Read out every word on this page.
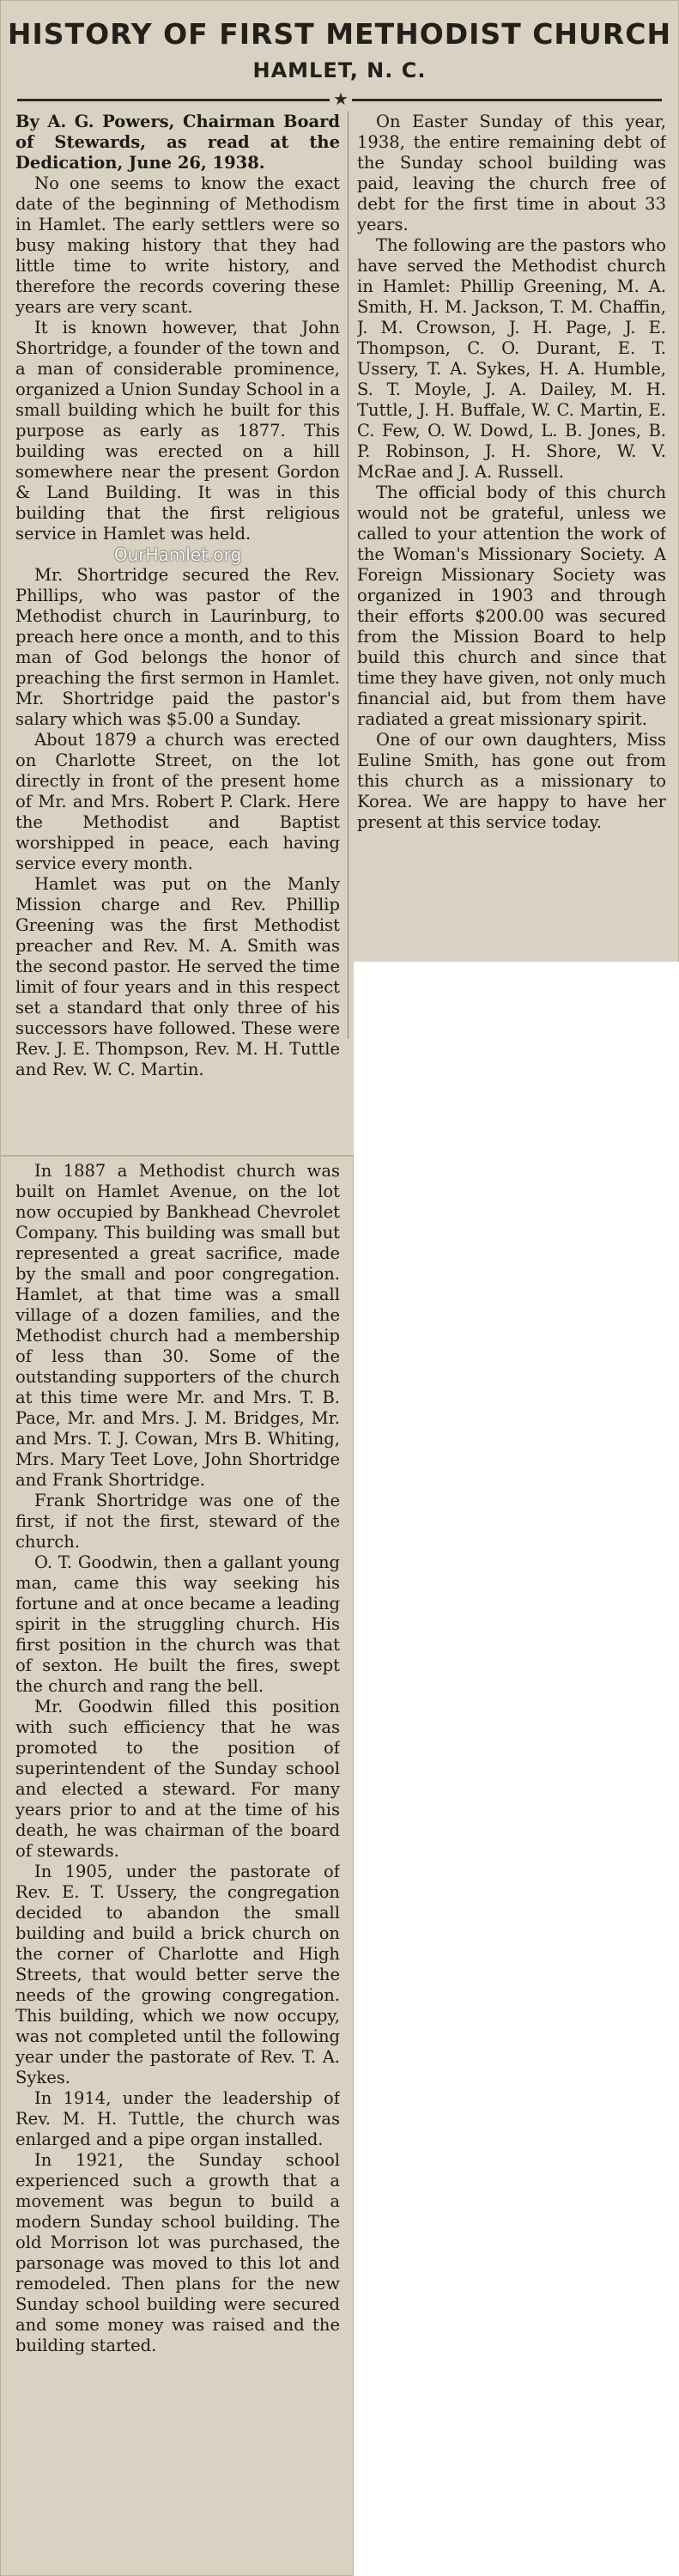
HISTORY OF FIRST METHODIST CHURCH
HAMLET, N. C.
★

By A. G. Powers, Chairman Board of Stewards, as read at the Dedication, June 26, 1938.

No one seems to know the exact date of the beginning of Methodism in Hamlet. The early settlers were so busy making history that they had little time to write history, and therefore the records covering these years are very scant.

It is known however, that John Shortridge, a founder of the town and a man of considerable prominence, organized a Union Sunday School in a small building which he built for this purpose as early as 1877. This building was erected on a hill somewhere near the present Gordon & Land Building. It was in this building that the first religious service in Hamlet was held.

OurHamlet.org

Mr. Shortridge secured the Rev. Phillips, who was pastor of the Methodist church in Laurinburg, to preach here once a month, and to this man of God belongs the honor of preaching the first sermon in Hamlet. Mr. Shortridge paid the pastor's salary which was $5.00 a Sunday.

About 1879 a church was erected on Charlotte Street, on the lot directly in front of the present home of Mr. and Mrs. Robert P. Clark. Here the Methodist and Baptist worshipped in peace, each having service every month.

Hamlet was put on the Manly Mission charge and Rev. Phillip Greening was the first Methodist preacher and Rev. M. A. Smith was the second pastor. He served the time limit of four years and in this respect set a standard that only three of his successors have followed. These were Rev. J. E. Thompson, Rev. M. H. Tuttle and Rev. W. C. Martin.

On Easter Sunday of this year, 1938, the entire remaining debt of the Sunday school building was paid, leaving the church free of debt for the first time in about 33 years.

The following are the pastors who have served the Methodist church in Hamlet: Phillip Greening, M. A. Smith, H. M. Jackson, T. M. Chaffin, J. M. Crowson, J. H. Page, J. E. Thompson, C. O. Durant, E. T. Ussery, T. A. Sykes, H. A. Humble, S. T. Moyle, J. A. Dailey, M. H. Tuttle, J. H. Buffale, W. C. Martin, E. C. Few, O. W. Dowd, L. B. Jones, B. P. Robinson, J. H. Shore, W. V. McRae and J. A. Russell.

The official body of this church would not be grateful, unless we called to your attention the work of the Woman's Missionary Society. A Foreign Missionary Society was organized in 1903 and through their efforts $200.00 was secured from the Mission Board to help build this church and since that time they have given, not only much financial aid, but from them have radiated a great missionary spirit.

One of our own daughters, Miss Euline Smith, has gone out from this church as a missionary to Korea. We are happy to have her present at this service today.

In 1887 a Methodist church was built on Hamlet Avenue, on the lot now occupied by Bankhead Chevrolet Company. This building was small but represented a great sacrifice, made by the small and poor congregation. Hamlet, at that time was a small village of a dozen families, and the Methodist church had a membership of less than 30. Some of the outstanding supporters of the church at this time were Mr. and Mrs. T. B. Pace, Mr. and Mrs. J. M. Bridges, Mr. and Mrs. T. J. Cowan, Mrs B. Whiting, Mrs. Mary Teet Love, John Shortridge and Frank Shortridge.

Frank Shortridge was one of the first, if not the first, steward of the church.

O. T. Goodwin, then a gallant young man, came this way seeking his fortune and at once became a leading spirit in the struggling church. His first position in the church was that of sexton. He built the fires, swept the church and rang the bell.

Mr. Goodwin filled this position with such efficiency that he was promoted to the position of superintendent of the Sunday school and elected a steward. For many years prior to and at the time of his death, he was chairman of the board of stewards.

In 1905, under the pastorate of Rev. E. T. Ussery, the congregation decided to abandon the small building and build a brick church on the corner of Charlotte and High Streets, that would better serve the needs of the growing congregation. This building, which we now occupy, was not completed until the following year under the pastorate of Rev. T. A. Sykes.

In 1914, under the leadership of Rev. M. H. Tuttle, the church was enlarged and a pipe organ installed.

In 1921, the Sunday school experienced such a growth that a movement was begun to build a modern Sunday school building. The old Morrison lot was purchased, the parsonage was moved to this lot and remodeled. Then plans for the new Sunday school building were secured and some money was raised and the building started.
